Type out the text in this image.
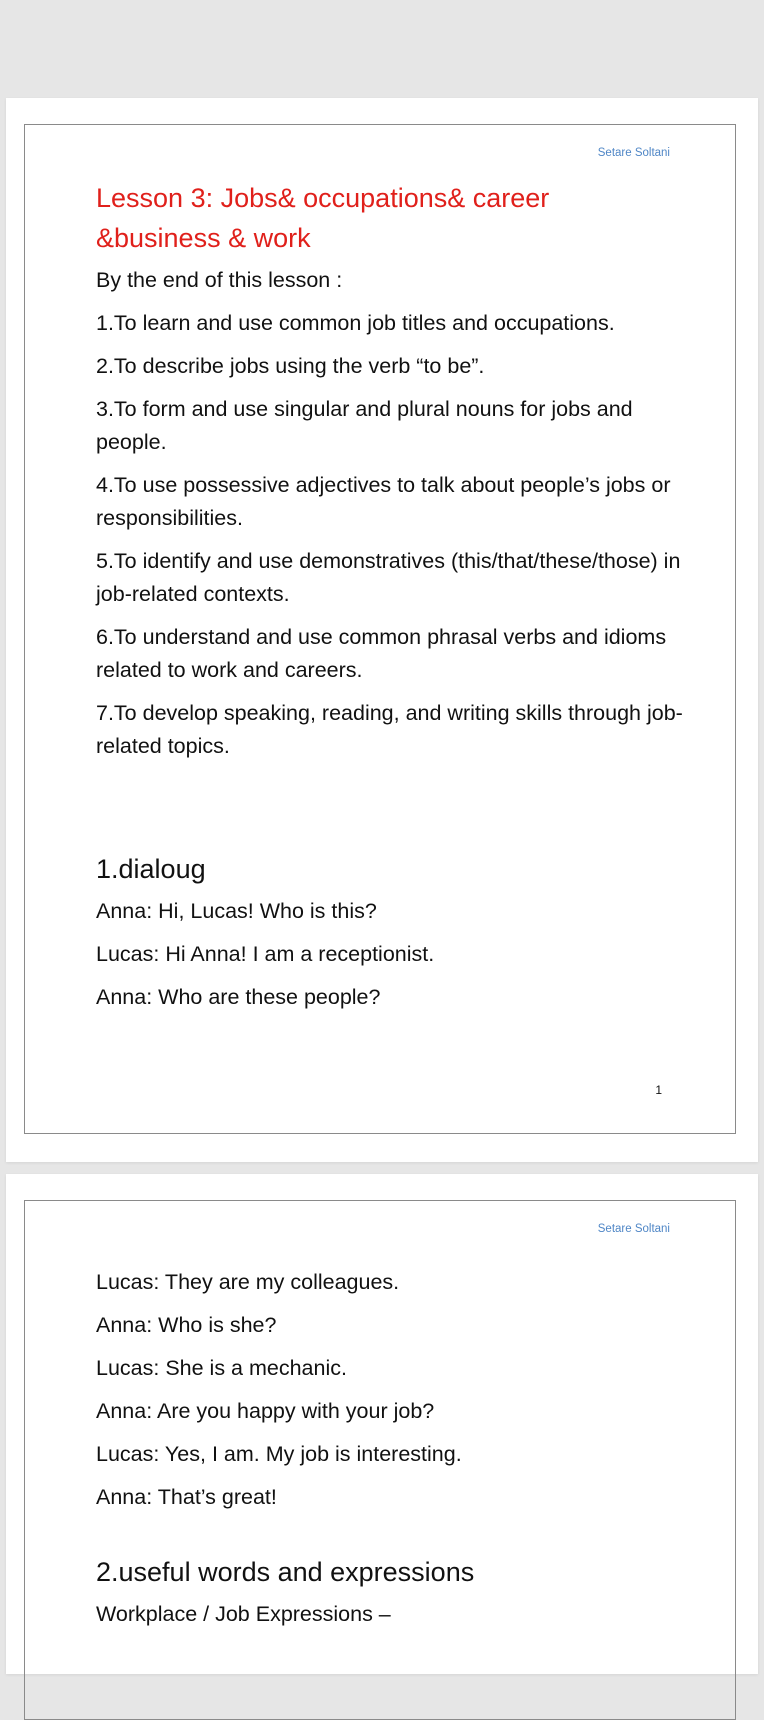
Setare Soltani
Lesson 3: Jobs& occupations& career
&business & work

By the end of this lesson :

1.To learn and use common job titles and occupations.

2.To describe jobs using the verb “to be”.

3.To form and use singular and plural nouns for jobs and people.

4.To use possessive adjectives to talk about people’s jobs or responsibilities.

5.To identify and use demonstratives (this/that/these/those) in job-related contexts.

6.To understand and use common phrasal verbs and idioms related to work and careers.

7.To develop speaking, reading, and writing skills through job-related topics.

1.dialoug

Anna: Hi, Lucas! Who is this?

Lucas: Hi Anna! I am a receptionist.

Anna: Who are these people?

1
Setare Soltani

Lucas: They are my colleagues.

Anna: Who is she?

Lucas: She is a mechanic.

Anna: Are you happy with your job?

Lucas: Yes, I am. My job is interesting.

Anna: That’s great!

2.useful words and expressions

Workplace / Job Expressions –
